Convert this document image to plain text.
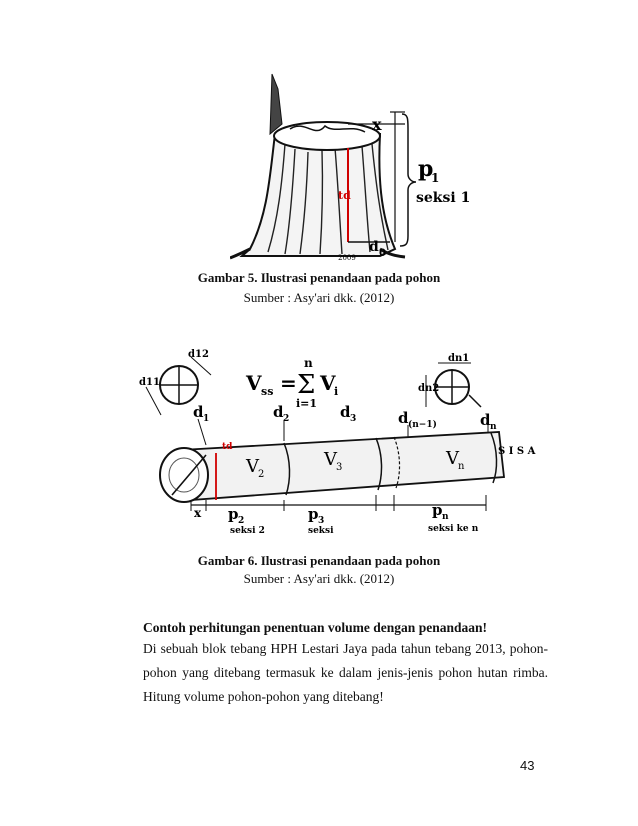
x
p
1
seksi 1
td
d 0
2009
Gambar 5. Ilustrasi penandaan pada pohon
Sumber : Asy'ari dkk. (2012)
V ss =
n
Σ
i=1
V
i
d11
d12	dn1
dn2
d 1	d 2	d 3	d (n−1)	d n
td
V 2
V 3	V n
S I S A
x p 2
seksi 2
p 3
seksi
p n
seksi ke n
Gambar 6. Ilustrasi penandaan pada pohon
Sumber : Asy'ari dkk. (2012)
Contoh perhitungan penentuan volume dengan penandaan!
Di sebuah blok tebang HPH Lestari Jaya pada tahun tebang 2013, pohon-
pohon yang ditebang termasuk ke dalam jenis-jenis pohon hutan rimba.
Hitung volume pohon-pohon yang ditebang!
43
